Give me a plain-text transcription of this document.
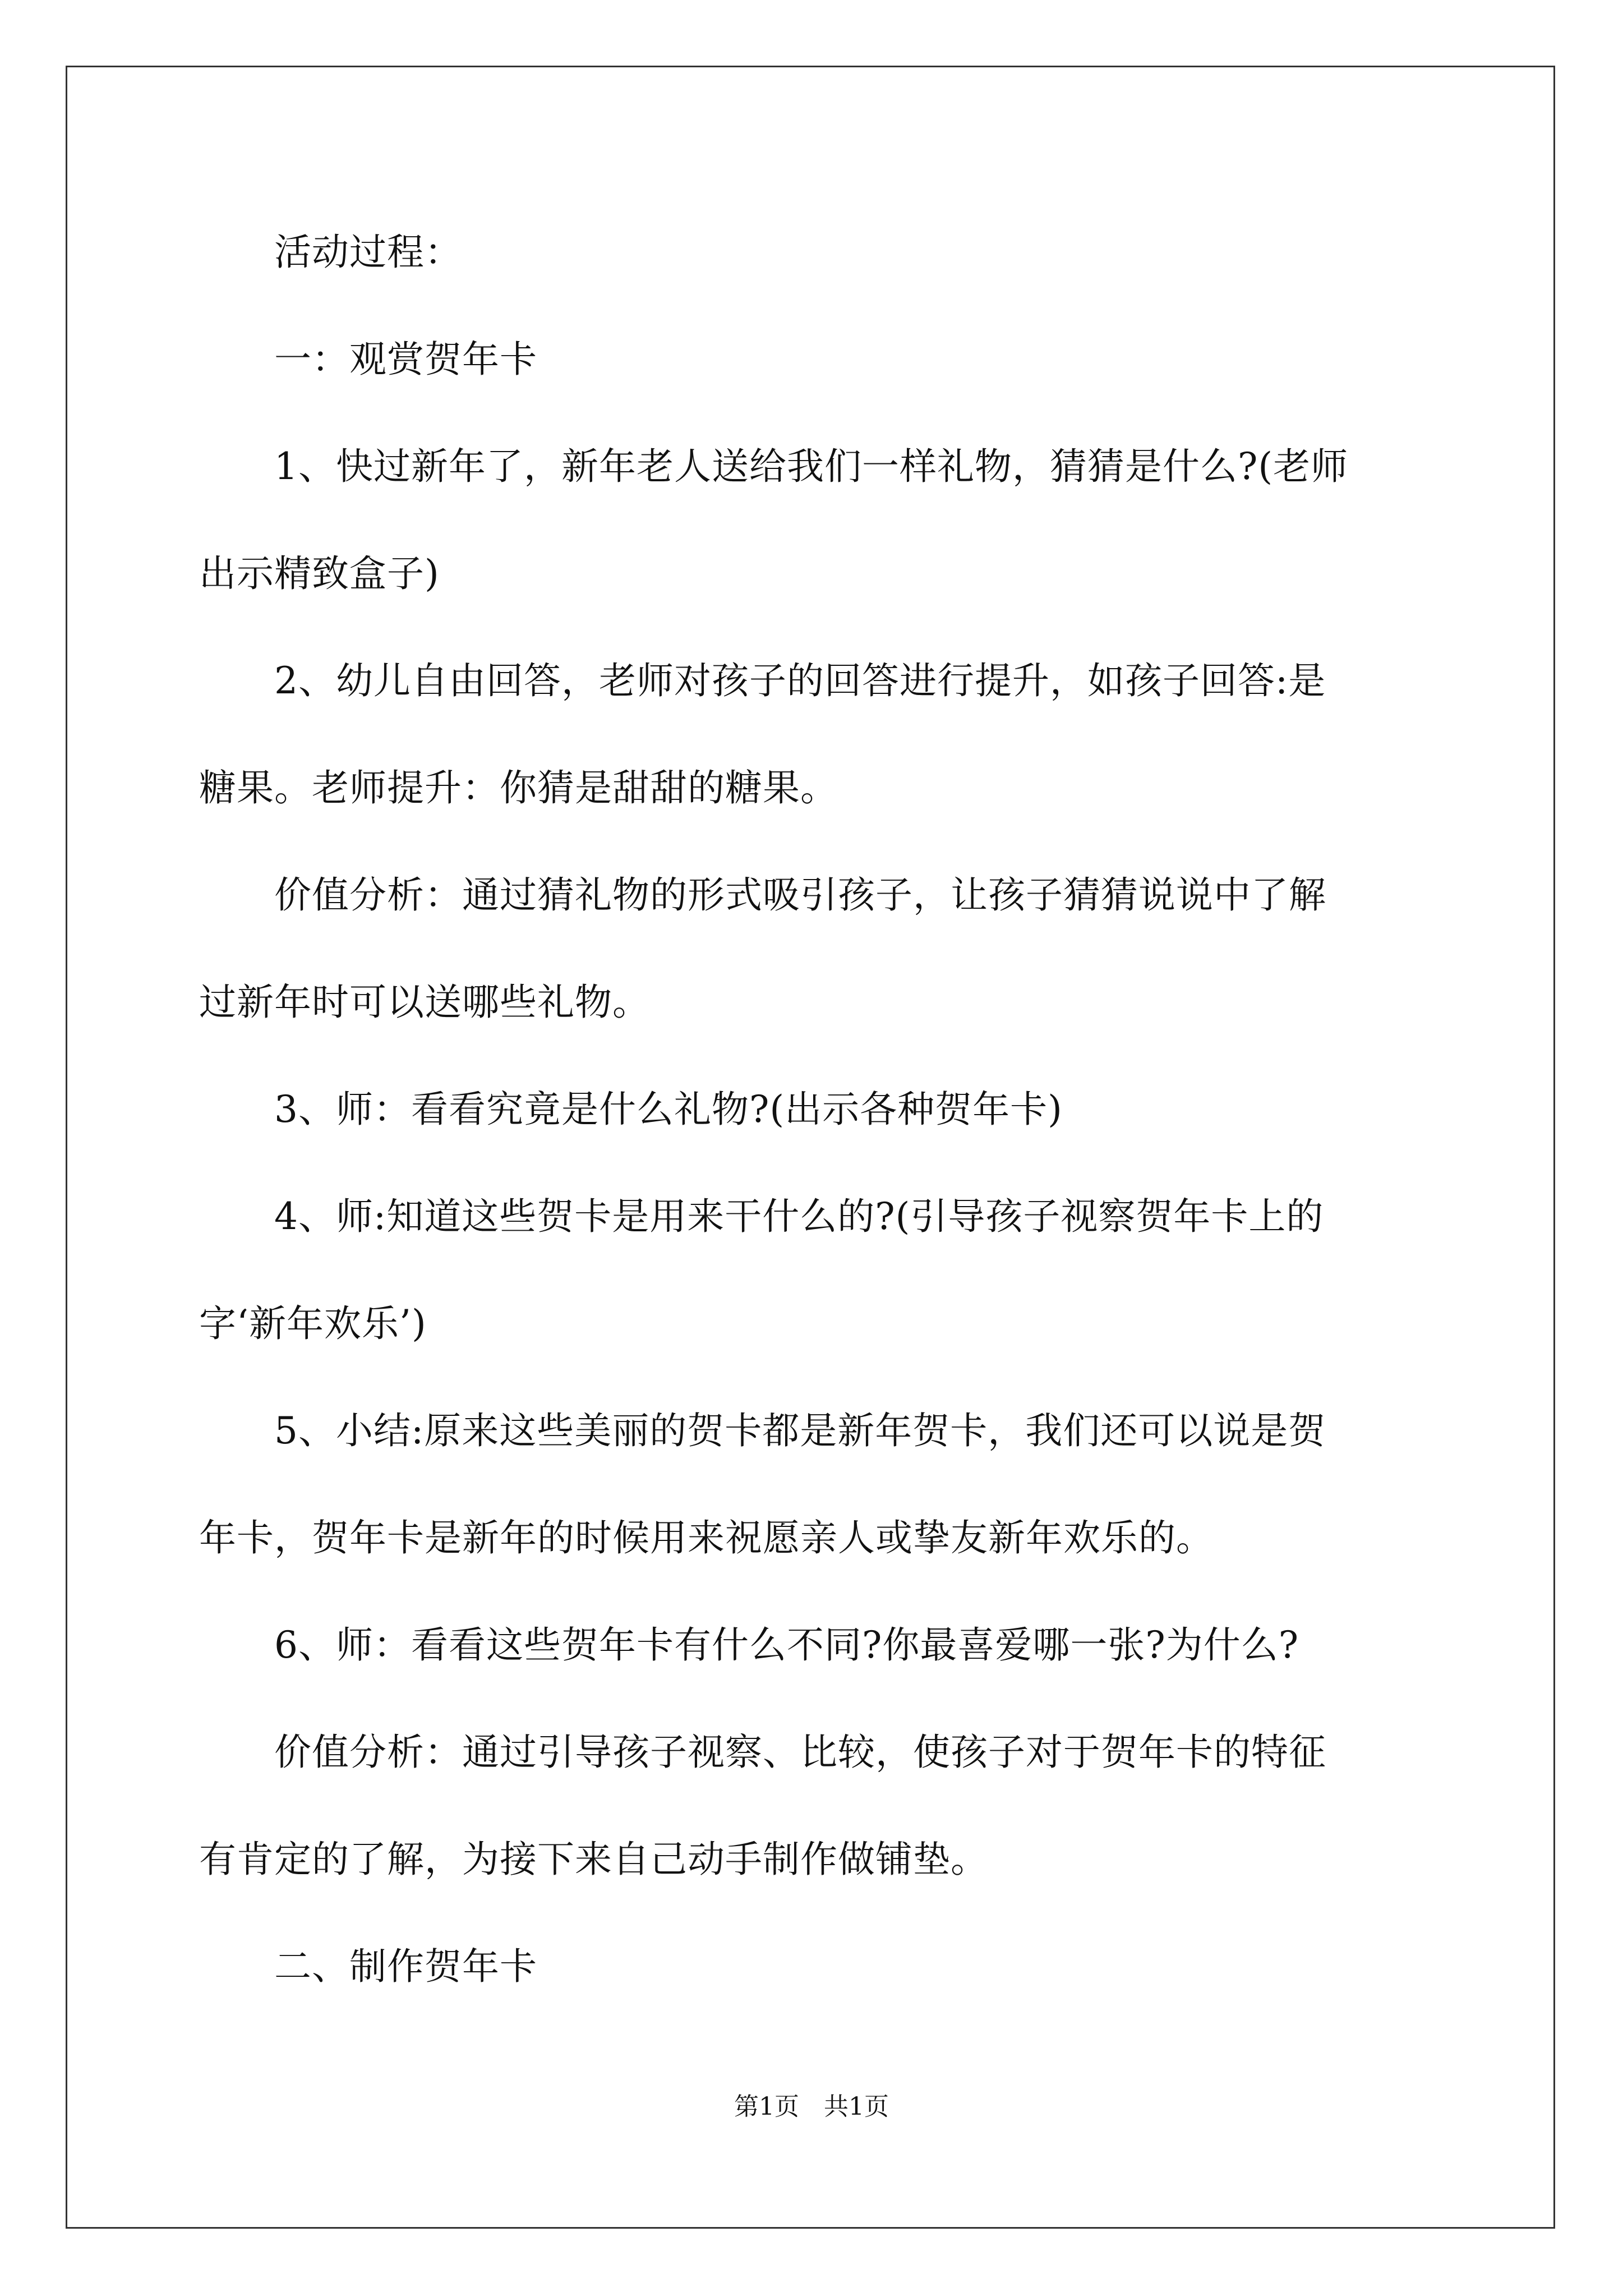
　　活动过程：
　　一：观赏贺年卡
　　1、快过新年了，新年老人送给我们一样礼物，猜猜是什么?(老师
出示精致盒子)
　　2、幼儿自由回答，老师对孩子的回答进行提升，如孩子回答:是
糖果。老师提升：你猜是甜甜的糖果。
　　价值分析：通过猜礼物的形式吸引孩子，让孩子猜猜说说中了解
过新年时可以送哪些礼物。
　　3、师：看看究竟是什么礼物?(出示各种贺年卡)
　　4、师:知道这些贺卡是用来干什么的?(引导孩子视察贺年卡上的
字‘新年欢乐’)
　　5、小结:原来这些美丽的贺卡都是新年贺卡，我们还可以说是贺
年卡，贺年卡是新年的时候用来祝愿亲人或挚友新年欢乐的。
　　6、师：看看这些贺年卡有什么不同?你最喜爱哪一张?为什么?
　　价值分析：通过引导孩子视察、比较，使孩子对于贺年卡的特征
有肯定的了解，为接下来自己动手制作做铺垫。
　　二、制作贺年卡
第1页　共1页
